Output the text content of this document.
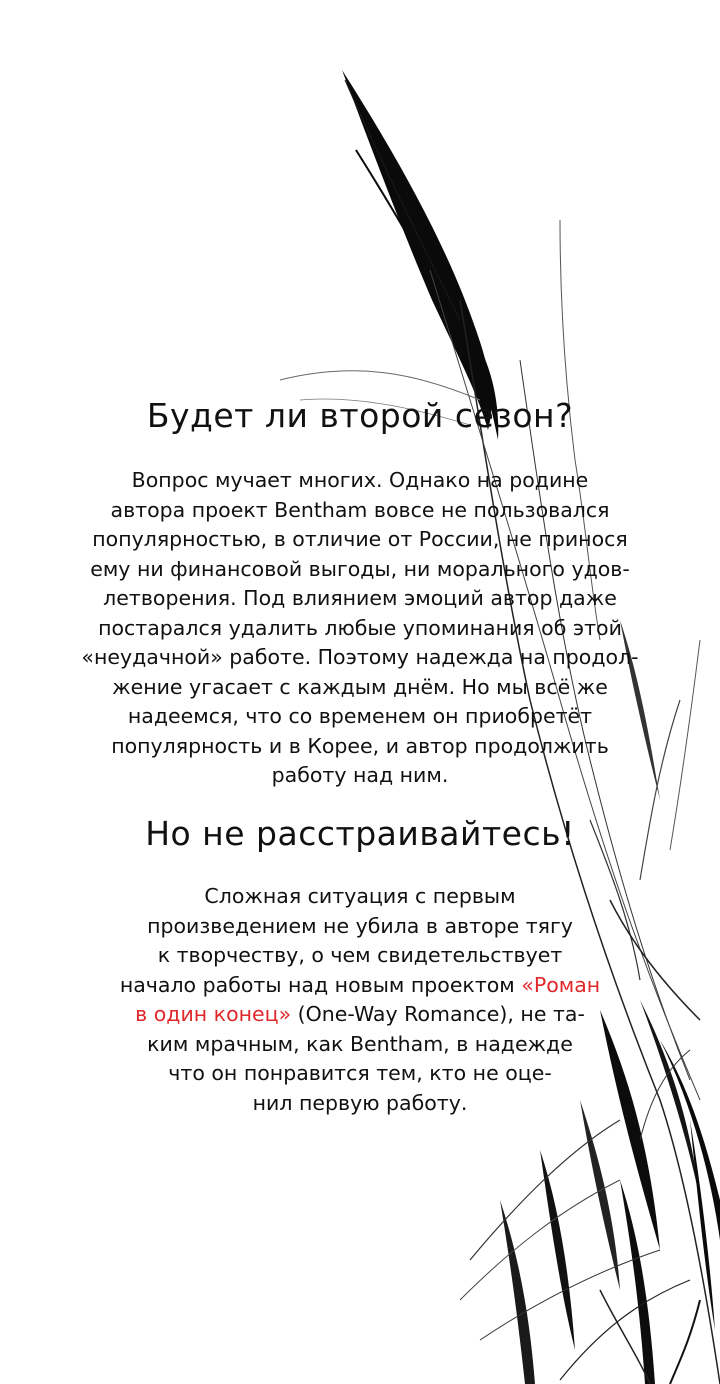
Будет ли второй сезон?

Вопрос мучает многих. Однако на родине
автора проект Bentham вовсе не пользовался
популярностью, в отличие от России, не принося
ему ни финансовой выгоды, ни морального удов-
летворения. Под влиянием эмоций автор даже
постарался удалить любые упоминания об этой
«неудачной» работе. Поэтому надежда на продол-
жение угасает с каждым днём. Но мы всё же
надеемся, что со временем он приобретёт
популярность и в Корее, и автор продолжить
работу над ним.

Но не расстраивайтесь!

Сложная ситуация с первым
произведением не убила в авторе тягу
к творчеству, о чем свидетельствует
начало работы над новым проектом «Роман
в один конец» (One-Way Romance), не та-
ким мрачным, как Bentham, в надежде
что он понравится тем, кто не оце-
нил первую работу.
